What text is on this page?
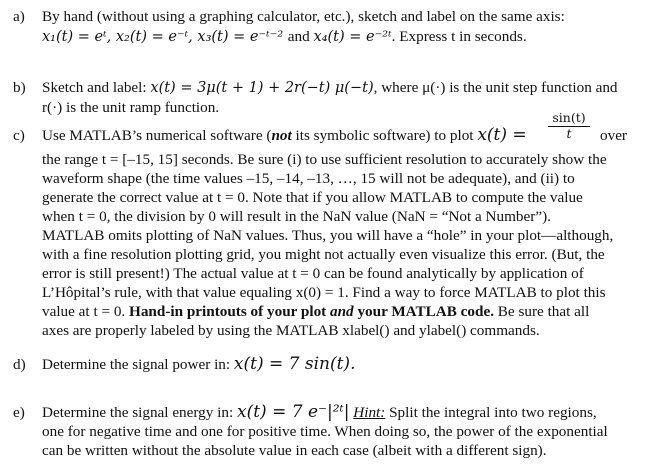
a) By hand (without using a graphing calculator, etc.), sketch and label on the same axis:
x₁(t) = eᵗ, x₂(t) = e⁻ᵗ, x₃(t) = e⁻ᵗ⁻² and x₄(t) = e⁻²ᵗ. Express t in seconds.
b) Sketch and label: x(t) = 3μ(t + 1) + 2r(−t) μ(−t), where μ(·) is the unit step function and
r(·) is the unit ramp function.
c) Use MATLAB’s numerical software (not its symbolic software) to plot x(t) =
sin(t)
t	over
the range t = [–15, 15] seconds. Be sure (i) to use sufficient resolution to accurately show the
waveform shape (the time values –15, –14, –13, …, 15 will not be adequate), and (ii) to
generate the correct value at t = 0. Note that if you allow MATLAB to compute the value
when t = 0, the division by 0 will result in the NaN value (NaN = “Not a Number”).
MATLAB omits plotting of NaN values. Thus, you will have a “hole” in your plot—although,
with a fine resolution plotting grid, you might not actually even visualize this error. (But, the
error is still present!) The actual value at t = 0 can be found analytically by application of
L’Hôpital’s rule, with that value equaling x(0) = 1. Find a way to force MATLAB to plot this
value at t = 0. Hand-in printouts of your plot and your MATLAB code. Be sure that all
axes are properly labeled by using the MATLAB xlabel() and ylabel() commands.
d) Determine the signal power in: x(t) = 7 sin(t).
e) Determine the signal energy in: x(t) = 7 e⁻|²ᵗ| Hint: Split the integral into two regions,
one for negative time and one for positive time. When doing so, the power of the exponential
can be written without the absolute value in each case (albeit with a different sign).
